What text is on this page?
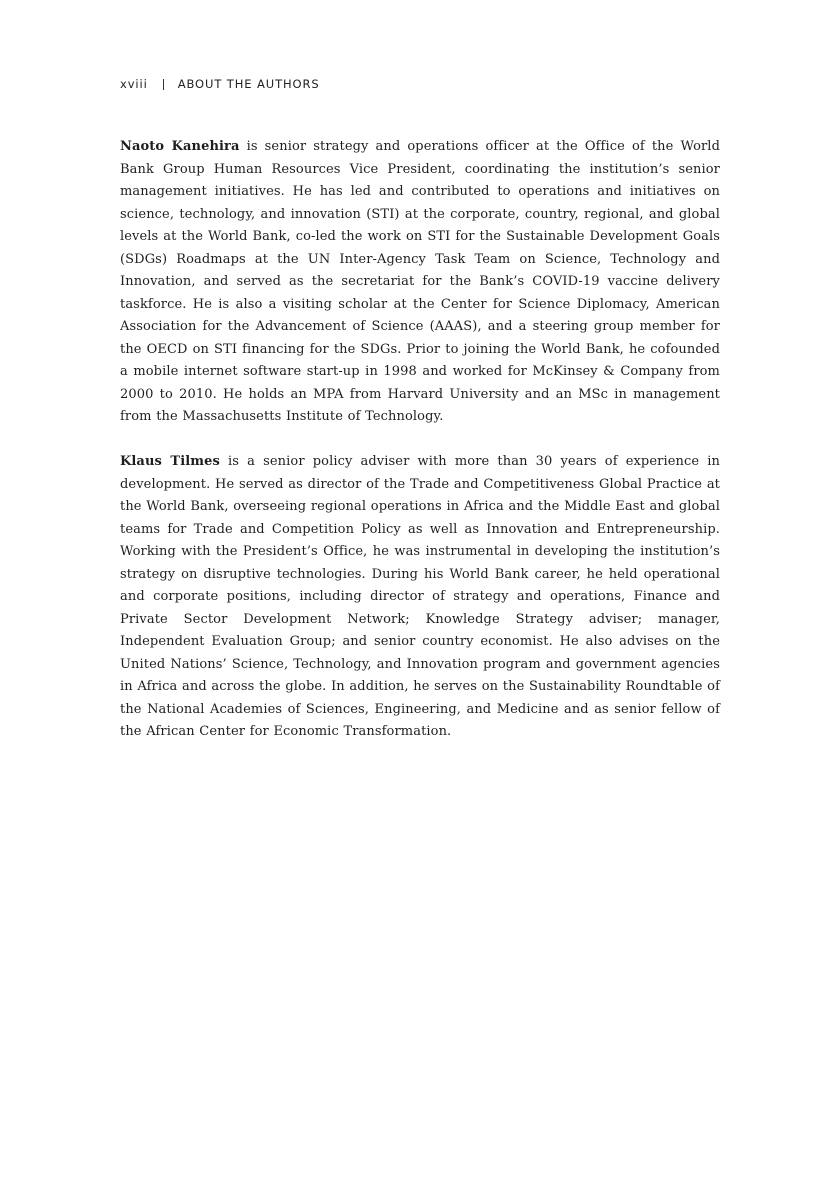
xviii	ABOUT THE AUTHORS

Naoto Kanehira is senior strategy and operations officer at the Office of the World Bank Group Human Resources Vice President, coordinating the institution’s senior management initiatives. He has led and contributed to operations and initiatives on science, technology, and innovation (STI) at the corporate, country, regional, and global levels at the World Bank, co-led the work on STI for the Sustainable Development Goals (SDGs) Roadmaps at the UN Inter-Agency Task Team on Science, Technology and Innovation, and served as the secretariat for the Bank’s COVID-19 vaccine delivery taskforce. He is also a visiting scholar at the Center for Science Diplomacy, American Association for the Advancement of Science (AAAS), and a steering group member for the OECD on STI financing for the SDGs. Prior to joining the World Bank, he cofounded a mobile internet software start-up in 1998 and worked for McKinsey & Company from 2000 to 2010. He holds an MPA from Harvard University and an MSc in management from the Massachusetts Institute of Technology.

Klaus Tilmes is a senior policy adviser with more than 30 years of experience in development. He served as director of the Trade and Competitiveness Global Practice at the World Bank, overseeing regional operations in Africa and the Middle East and global teams for Trade and Competition Policy as well as Innovation and Entrepreneurship. Working with the President’s Office, he was instrumental in developing the institution’s strategy on disruptive technologies. During his World Bank career, he held operational and corporate positions, including director of strategy and operations, Finance and Private Sector Development Network; Knowledge Strategy adviser; manager, Independent Evaluation Group; and senior country economist. He also advises on the United Nations’ Science, Technology, and Innovation program and government agencies in Africa and across the globe. In addition, he serves on the Sustainability Roundtable of the National Academies of Sciences, Engineering, and Medicine and as senior fellow of the African Center for Economic Transformation.
